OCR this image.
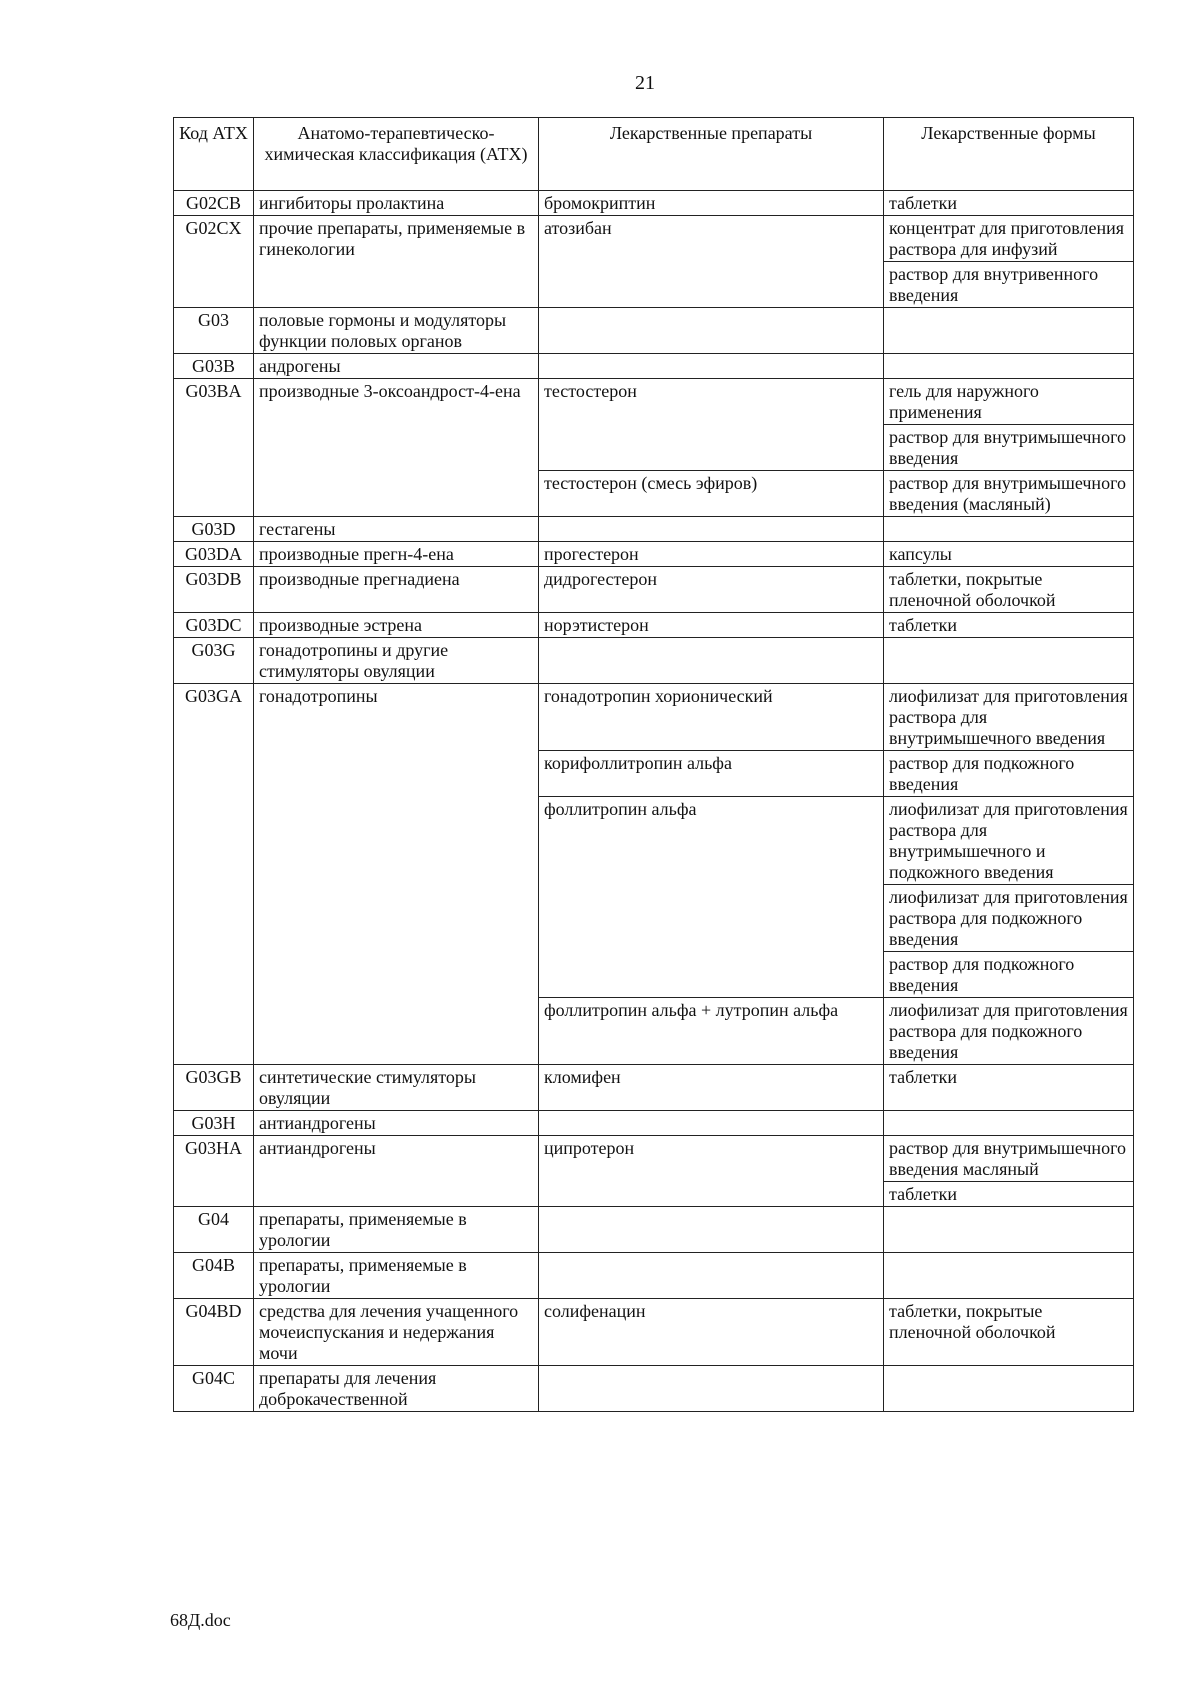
21
Код АТХ	Анатомо-терапевтическо-химическая классификация (АТХ)	Лекарственные препараты	Лекарственные формы
G02CB	ингибиторы пролактина	бромокриптин	таблетки
G02CX	прочие препараты, применяемые в гинекологии	атозибан	концентрат для приготовления раствора для инфузий
			раствор для внутривенного введения
G03	половые гормоны и модуляторы функции половых органов		
G03B	андрогены		
G03BA	производные 3-оксоандрост-4-ена	тестостерон	гель для наружного применения
			раствор для внутримышечного введения
		тестостерон (смесь эфиров)	раствор для внутримышечного введения (масляный)
G03D	гестагены		
G03DA	производные прегн-4-ена	прогестерон	капсулы
G03DB	производные прегнадиена	дидрогестерон	таблетки, покрытые пленочной оболочкой
G03DC	производные эстрена	норэтистерон	таблетки
G03G	гонадотропины и другие стимуляторы овуляции		
G03GA	гонадотропины	гонадотропин хорионический	лиофилизат для приготовления раствора для внутримышечного введения
		корифоллитропин альфа	раствор для подкожного введения
		фоллитропин альфа	лиофилизат для приготовления раствора для внутримышечного и подкожного введения
			лиофилизат для приготовления раствора для подкожного введения
			раствор для подкожного введения
		фоллитропин альфа + лутропин альфа	лиофилизат для приготовления раствора для подкожного введения
G03GB	синтетические стимуляторы овуляции	кломифен	таблетки
G03H	антиандрогены		
G03HA	антиандрогены	ципротерон	раствор для внутримышечного введения масляный
			таблетки
G04	препараты, применяемые в урологии		
G04B	препараты, применяемые в урологии		
G04BD	средства для лечения учащенного мочеиспускания и недержания мочи	солифенацин	таблетки, покрытые пленочной оболочкой
G04C	препараты для лечения доброкачественной		
68Д.doc
